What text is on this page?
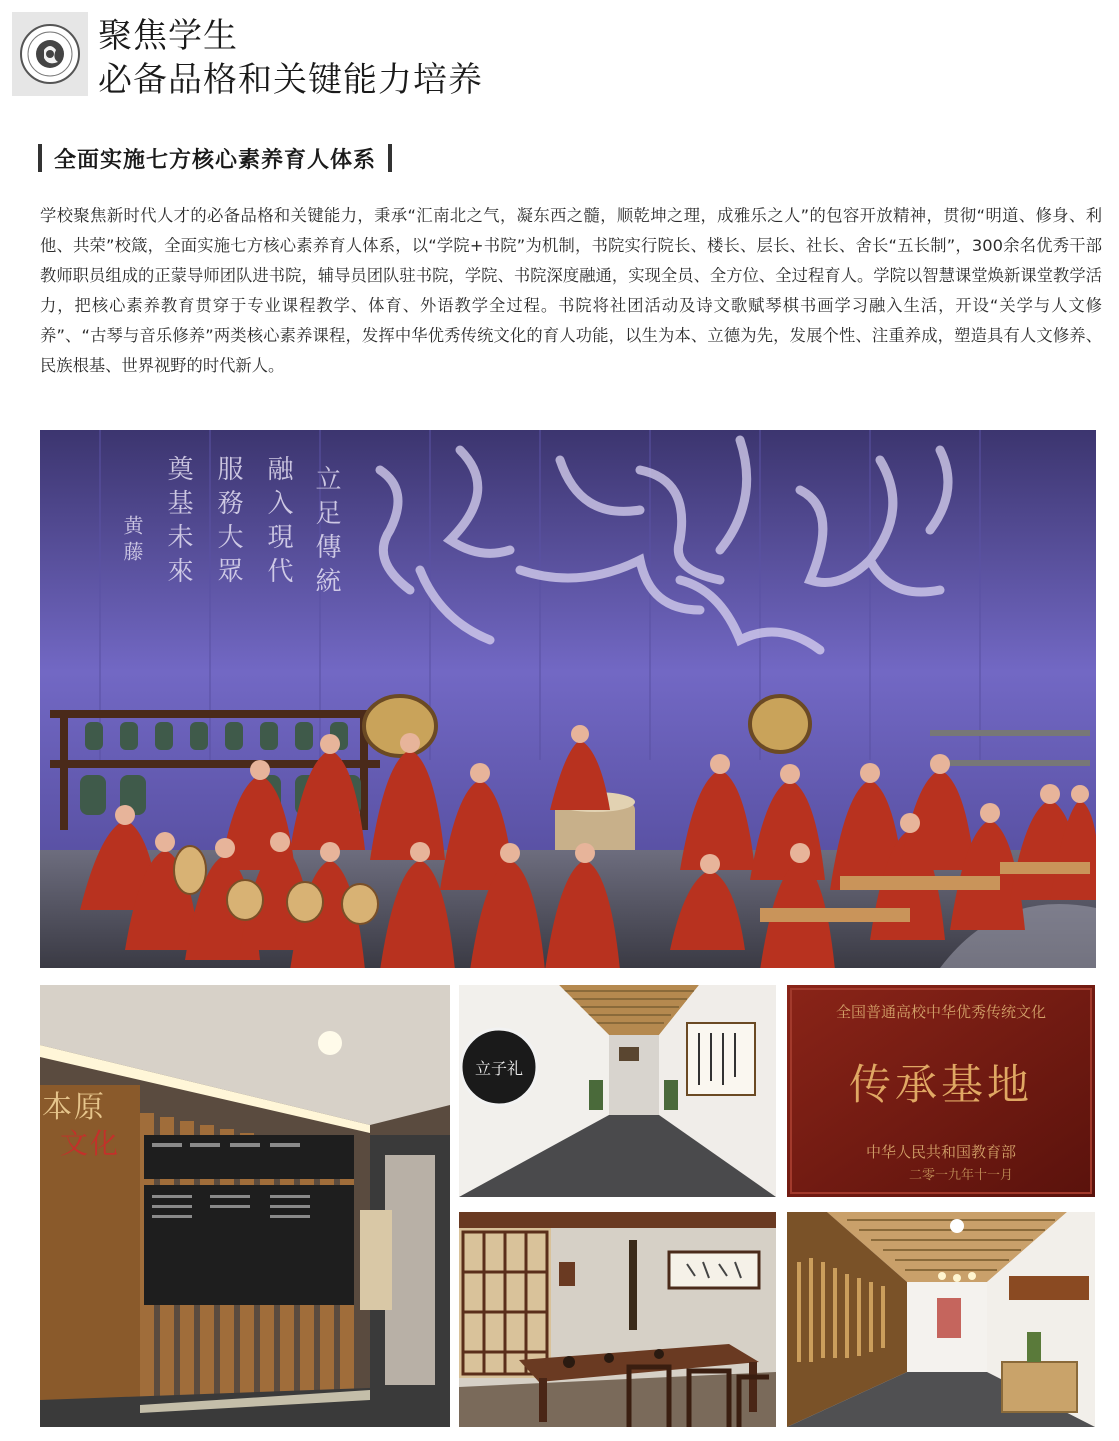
聚焦学生
必备品格和关键能力培养
全面实施七方核心素养育人体系

学校聚焦新时代人才的必备品格和关键能力，秉承“汇南北之气，凝东西之髓，顺乾坤之理，成雅乐之人”的包容开放精神，贯彻“明道、修身、利他、共荣”校箴，全面实施七方核心素养育人体系，以“学院+书院”为机制，书院实行院长、楼长、层长、社长、舍长“五长制”，300余名优秀干部教师职员组成的正蒙导师团队进书院，辅导员团队驻书院，学院、书院深度融通，实现全员、全方位、全过程育人。学院以智慧课堂焕新课堂教学活力，把核心素养教育贯穿于专业课程教学、体育、外语教学全过程。书院将社团活动及诗文歌赋琴棋书画学习融入生活，开设“关学与人文修养”、“古琴与音乐修养”两类核心素养课程，发挥中华优秀传统文化的育人功能，以生为本、立德为先，发展个性、注重养成，塑造具有人文修养、民族根基、世界视野的时代新人。

立足傳統
融入現代
服務大眾
奠基未來
黄藤
本原
文化
立子礼
全国普通高校中华优秀传统文化
传承基地
中华人民共和国教育部
二零一九年十一月
